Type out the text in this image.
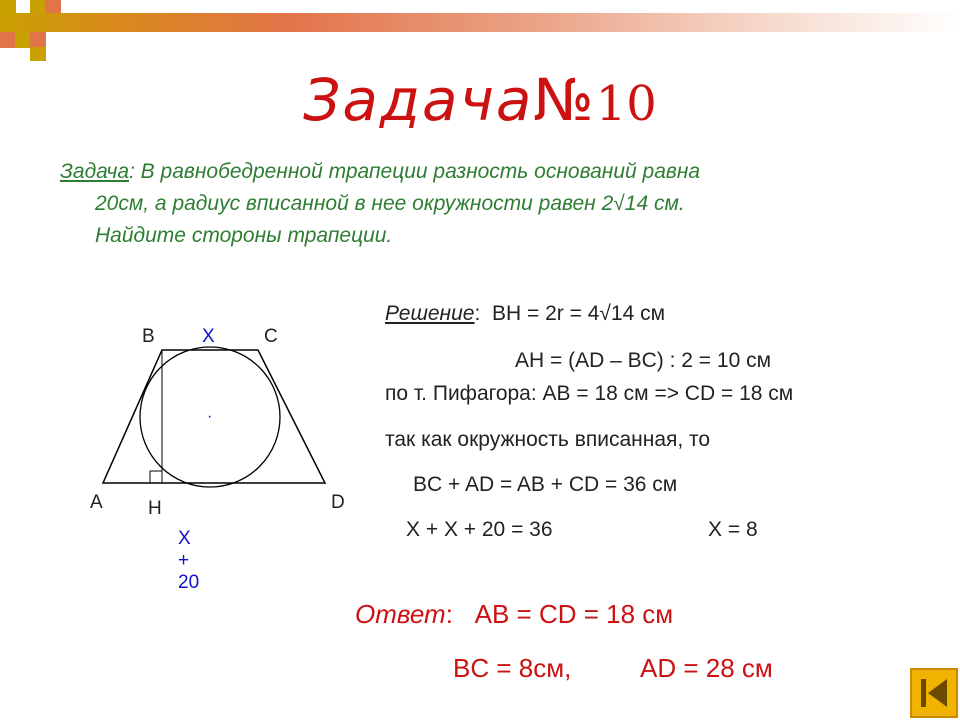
Задача№10
Задача: В равнобедренной трапеции разность оснований равна
20см, а радиус вписанной в нее окружности равен 2√14 см.
Найдите стороны трапеции.
B X	C
·
A H	D
X + 20
Решение:  BH = 2r = 4√14 см
AH = (AD – BC) : 2 = 10 см
по т. Пифагора: AB = 18 см => CD = 18 см
так как окружность вписанная, то
BC + AD = AB + CD = 36 см
X + X + 20 = 36	X = 8
Ответ:   AB = CD = 18 см
BC = 8см,	AD = 28 см
